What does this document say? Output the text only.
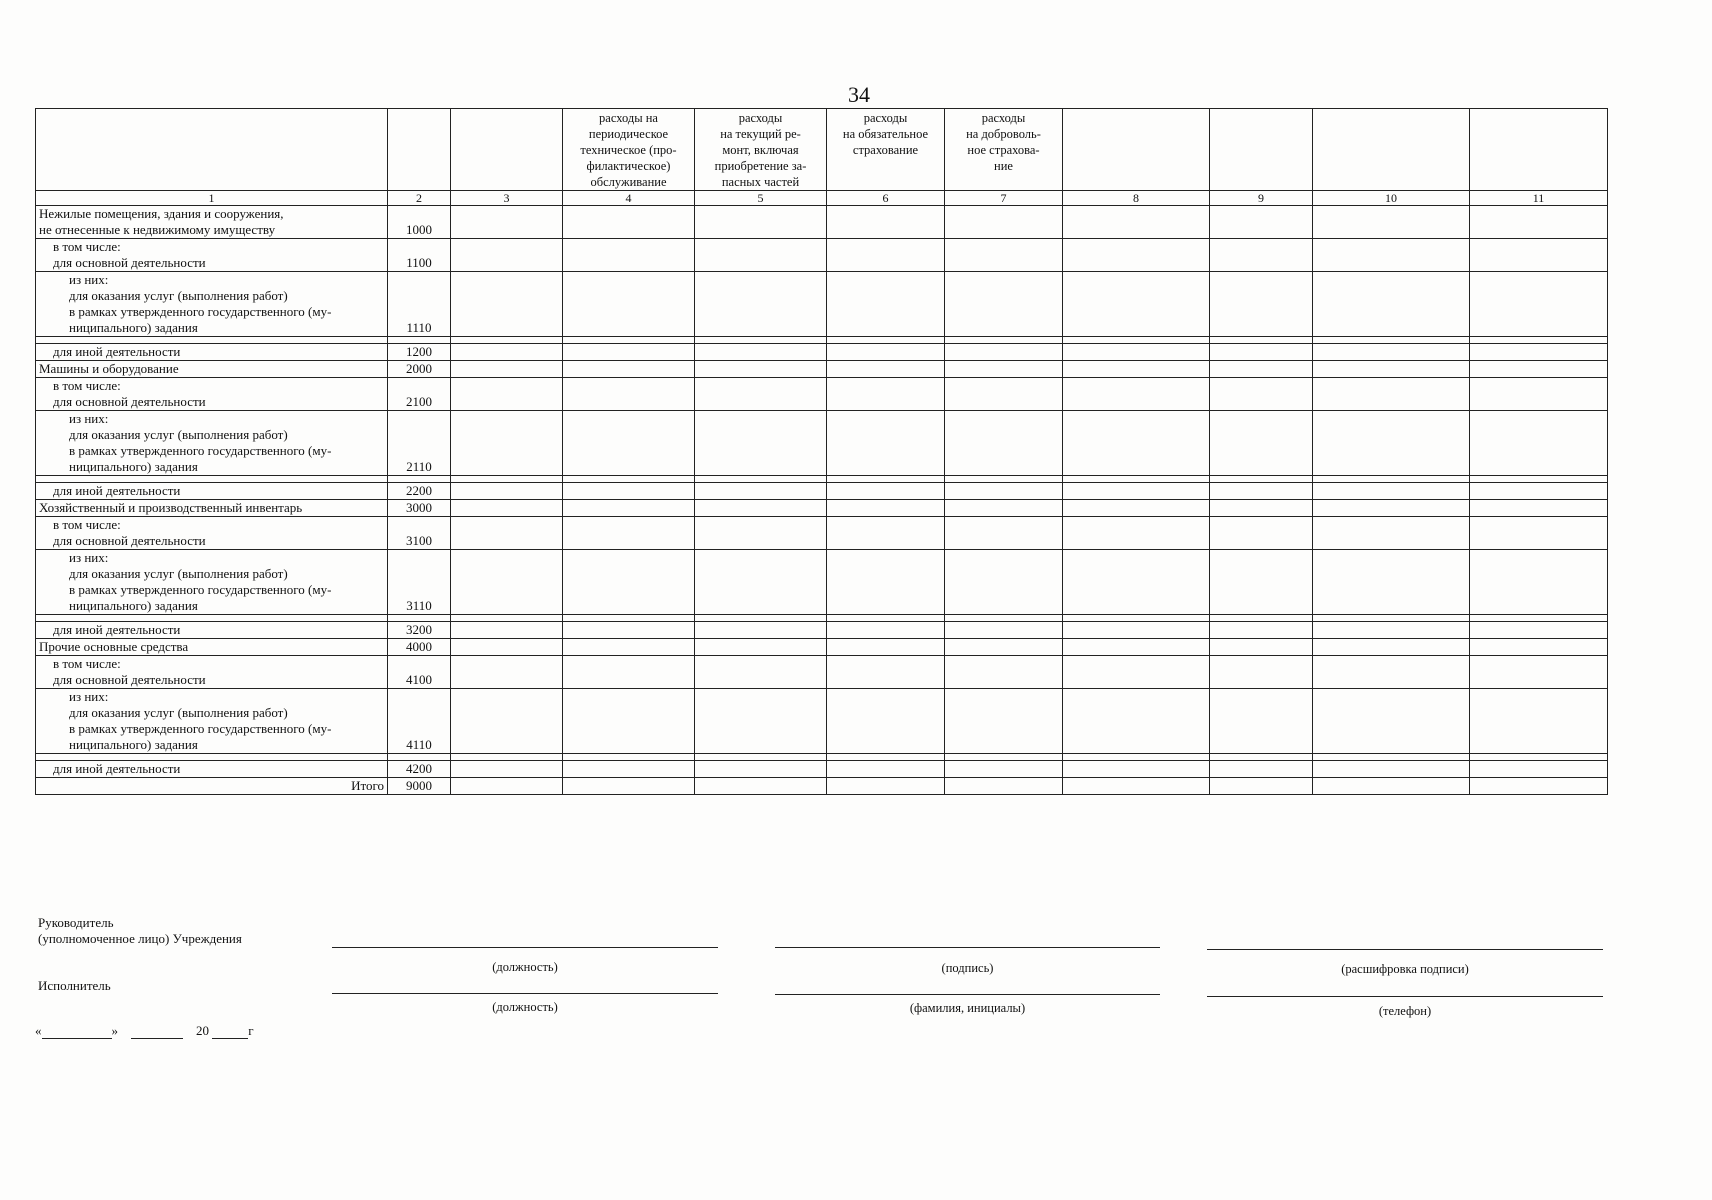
34

			расходы на
периодическое
техническое (про-
филактическое)
обслуживание	расходы
на текущий ре-
монт, включая
приобретение за-
пасных частей	расходы
на обязательное
страхование	расходы
на доброволь-
ное страхова-
ние				

1	2	3	4	5	6	7	8	9	10	11

Нежилые помещения, здания и сооружения,
не отнесенные к недвижимому имуществу	1000									

в том числе:
для основной деятельности	1100									

из них:
для оказания услуг (выполнения работ)
в рамках утвержденного государственного (му-
ниципального) задания	1110									

для иной деятельности	1200									

Машины и оборудование	2000									

в том числе:
для основной деятельности	2100									

из них:
для оказания услуг (выполнения работ)
в рамках утвержденного государственного (му-
ниципального) задания	2110									

для иной деятельности	2200									

Хозяйственный и производственный инвентарь	3000									

в том числе:
для основной деятельности	3100									

из них:
для оказания услуг (выполнения работ)
в рамках утвержденного государственного (му-
ниципального) задания	3110									

для иной деятельности	3200									

Прочие основные средства	4000									

в том числе:
для основной деятельности	4100									

из них:
для оказания услуг (выполнения работ)
в рамках утвержденного государственного (му-
ниципального) задания	4110									

для иной деятельности	4200									
Итого	9000									
Руководитель
(уполномоченное лицо) Учреждения
(должность)	(подпись)	(расшифровка подписи)
Исполнитель
(должность)	(фамилия, инициалы)	(телефон)
«	»	20	г
